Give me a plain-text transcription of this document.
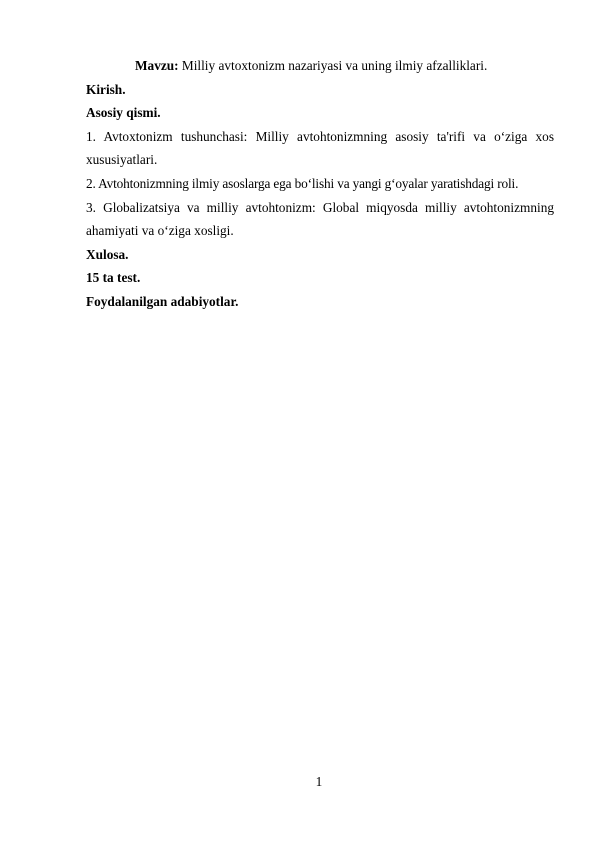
Mavzu: Milliy avtoxtonizm nazariyasi va uning ilmiy afzalliklari.

Kirish.

Asosiy qismi.

1. Avtoxtonizm tushunchasi: Milliy avtohtonizmning asosiy ta'rifi va o‘ziga xos xususiyatlari.

2. Avtohtonizmning ilmiy asoslarga ega bo‘lishi va yangi g‘oyalar yaratishdagi roli.

3. Globalizatsiya va milliy avtohtonizm: Global miqyosda milliy avtohtonizmning ahamiyati va o‘ziga xosligi.

Xulosa.

15 ta test.

Foydalanilgan adabiyotlar.

1
